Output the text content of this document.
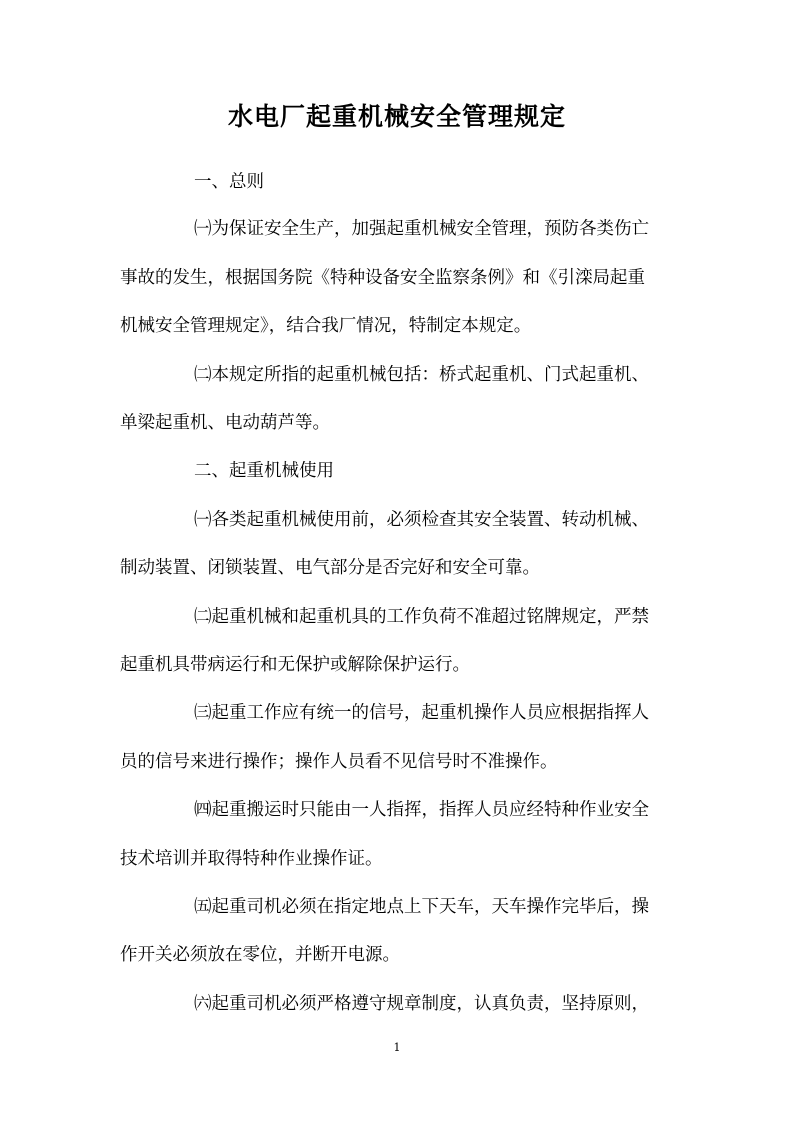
水电厂起重机械安全管理规定
一、总则
㈠为保证安全生产，加强起重机械安全管理，预防各类伤亡
事故的发生，根据国务院《特种设备安全监察条例》和《引滦局起重
机械安全管理规定》，结合我厂情况，特制定本规定。
㈡本规定所指的起重机械包括：桥式起重机、门式起重机、
单梁起重机、电动葫芦等。
二、起重机械使用
㈠各类起重机械使用前，必须检查其安全装置、转动机械、
制动装置、闭锁装置、电气部分是否完好和安全可靠。
㈡起重机械和起重机具的工作负荷不准超过铭牌规定，严禁
起重机具带病运行和无保护或解除保护运行。
㈢起重工作应有统一的信号，起重机操作人员应根据指挥人
员的信号来进行操作；操作人员看不见信号时不准操作。
㈣起重搬运时只能由一人指挥，指挥人员应经特种作业安全
技术培训并取得特种作业操作证。
㈤起重司机必须在指定地点上下天车，天车操作完毕后，操
作开关必须放在零位，并断开电源。
㈥起重司机必须严格遵守规章制度，认真负责，坚持原则，
1
